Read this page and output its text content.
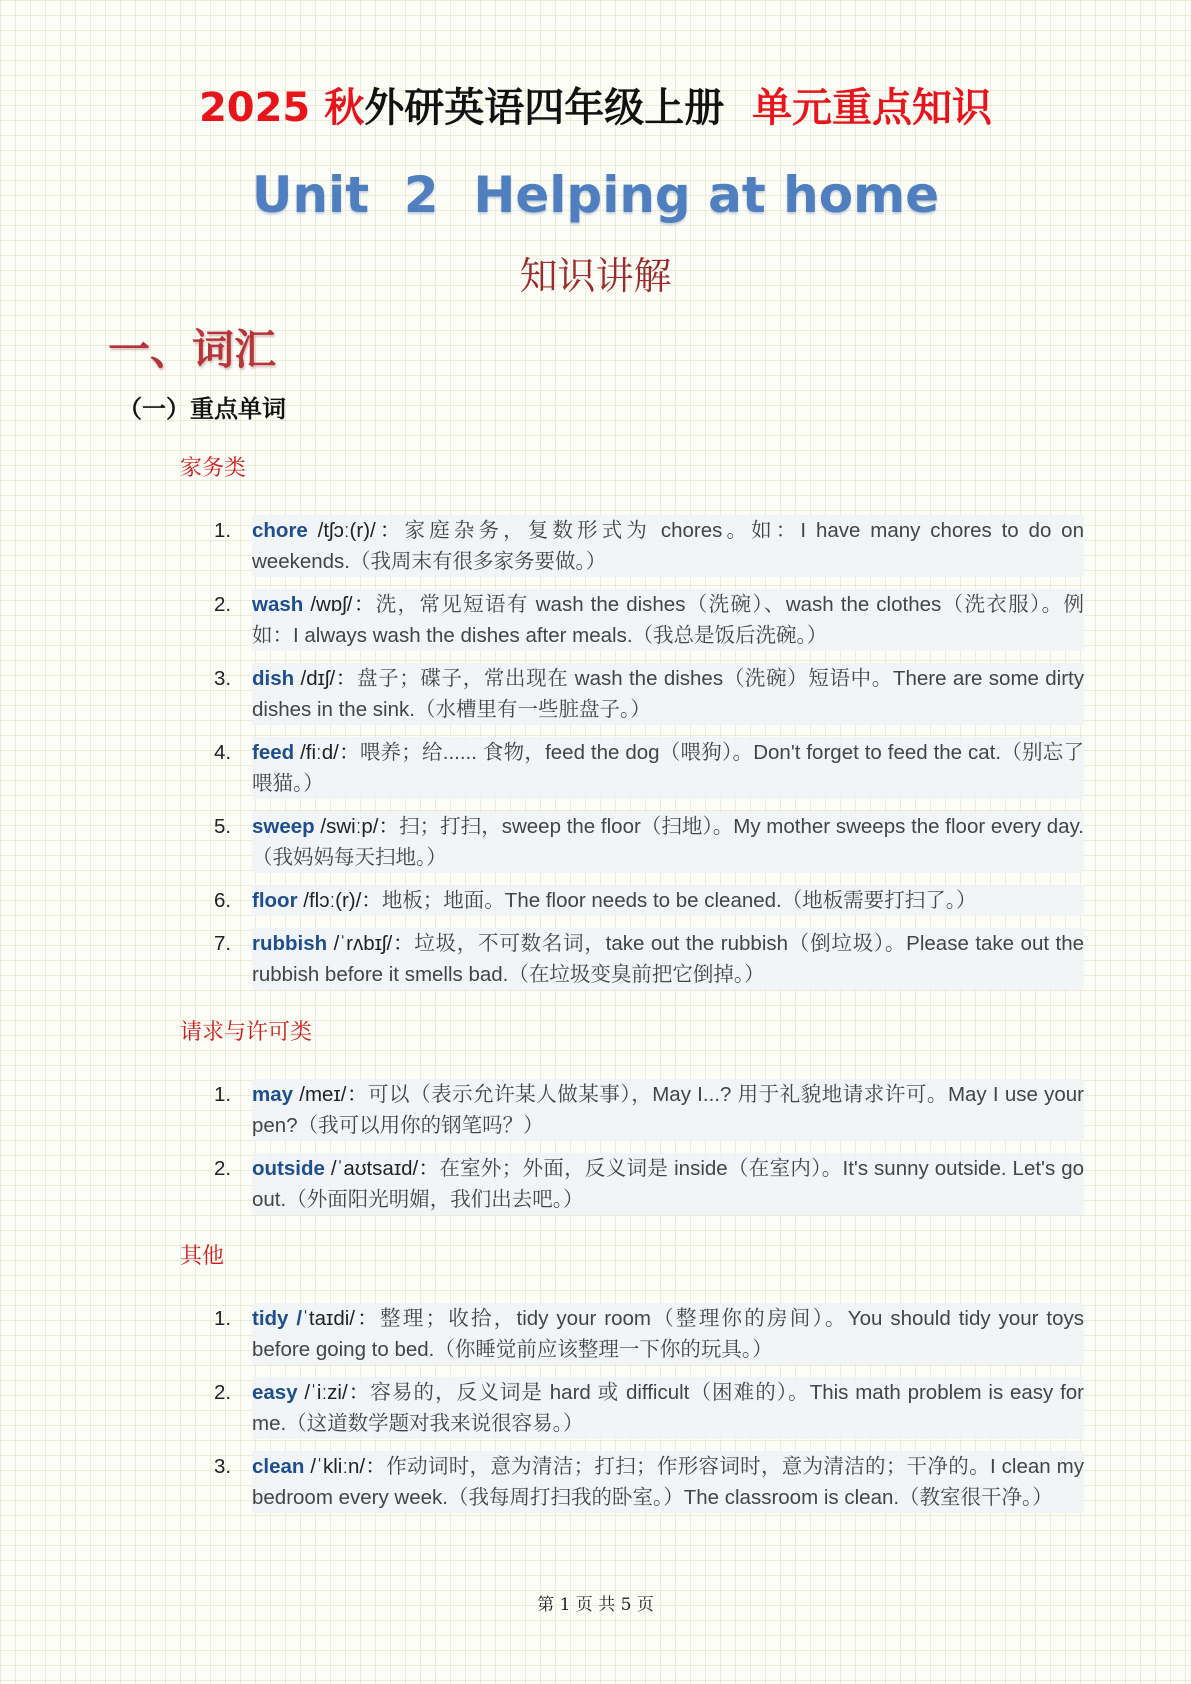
2025 秋外研英语四年级上册 单元重点知识
Unit  2  Helping at home
知识讲解
一、词汇
（一）重点单词
家务类
1. chore /tʃɔː(r)/：家庭杂务，复数形式为 chores。如：I have many chores to do on weekends.（我周末有很多家务要做。）
2. wash /wɒʃ/：洗，常见短语有 wash the dishes（洗碗）、wash the clothes（洗衣服）。例如：I always wash the dishes after meals.（我总是饭后洗碗。）
3. dish /dɪʃ/：盘子；碟子，常出现在 wash the dishes（洗碗）短语中。There are some dirty dishes in the sink.（水槽里有一些脏盘子。）
4. feed /fiːd/：喂养；给...... 食物，feed the dog（喂狗）。Don't forget to feed the cat.（别忘了喂猫。）
5. sweep /swiːp/：扫；打扫，sweep the floor（扫地）。My mother sweeps the floor every day.（我妈妈每天扫地。）
6. floor /flɔː(r)/：地板；地面。The floor needs to be cleaned.（地板需要打扫了。）
7. rubbish /ˈrʌbɪʃ/：垃圾，不可数名词，take out the rubbish（倒垃圾）。Please take out the rubbish before it smells bad.（在垃圾变臭前把它倒掉。）
请求与许可类
1. may /meɪ/：可以（表示允许某人做某事），May I...? 用于礼貌地请求许可。May I use your pen?（我可以用你的钢笔吗？）
2. outside /ˈaʊtsaɪd/：在室外；外面，反义词是 inside（在室内）。It's sunny outside. Let's go out.（外面阳光明媚，我们出去吧。）
其他
1. tidy /ˈtaɪdi/：整理；收拾，tidy your room（整理你的房间）。You should tidy your toys before going to bed.（你睡觉前应该整理一下你的玩具。）
2. easy /ˈiːzi/：容易的，反义词是 hard 或 difficult（困难的）。This math problem is easy for me.（这道数学题对我来说很容易。）
3. clean /ˈkliːn/：作动词时，意为清洁；打扫；作形容词时，意为清洁的；干净的。I clean my bedroom every week.（我每周打扫我的卧室。）The classroom is clean.（教室很干净。）
第 1 页 共 5 页
